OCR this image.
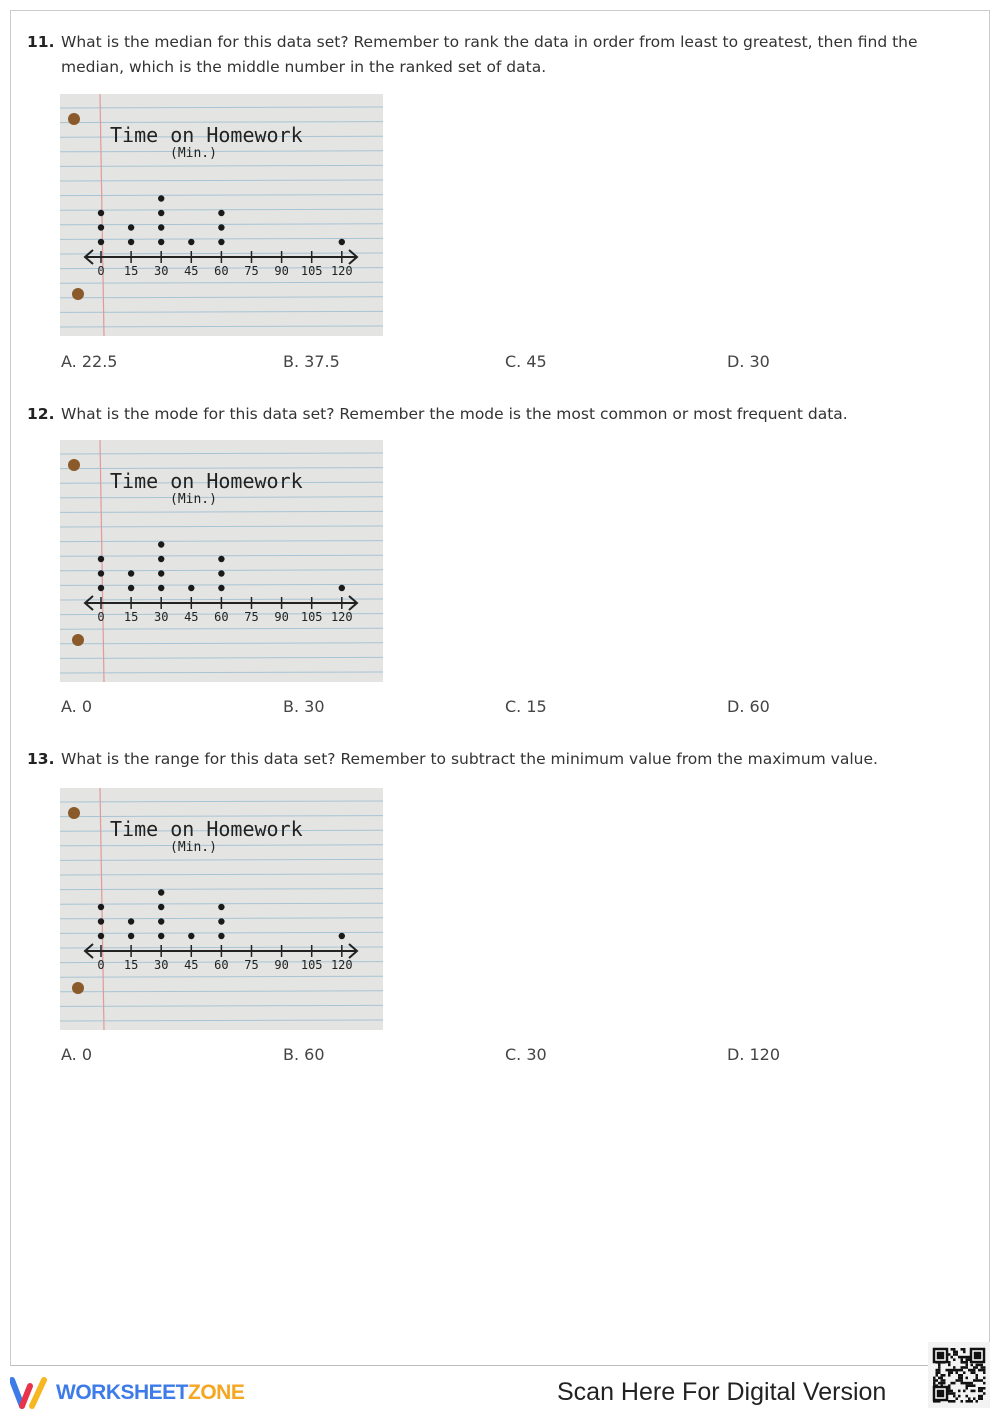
11. What is the median for this data set? Remember to rank the data in order from least to greatest, then find the median, which is the middle number in the ranked set of data.
Time on Homework
(Min.)
0 15 30 45 60 75 90 105 120
A. 22.5	B. 37.5	C. 45	D. 30
12. What is the mode for this data set? Remember the mode is the most common or most frequent data.
Time on Homework
(Min.)
0 15 30 45 60 75 90 105 120
A. 0	B. 30	C. 15	D. 60
13. What is the range for this data set? Remember to subtract the minimum value from the maximum value.
Time on Homework
(Min.)
0 15 30 45 60 75 90 105 120
A. 0	B. 60	C. 30	D. 120
WORKSHEETZONE	Scan Here For Digital Version
